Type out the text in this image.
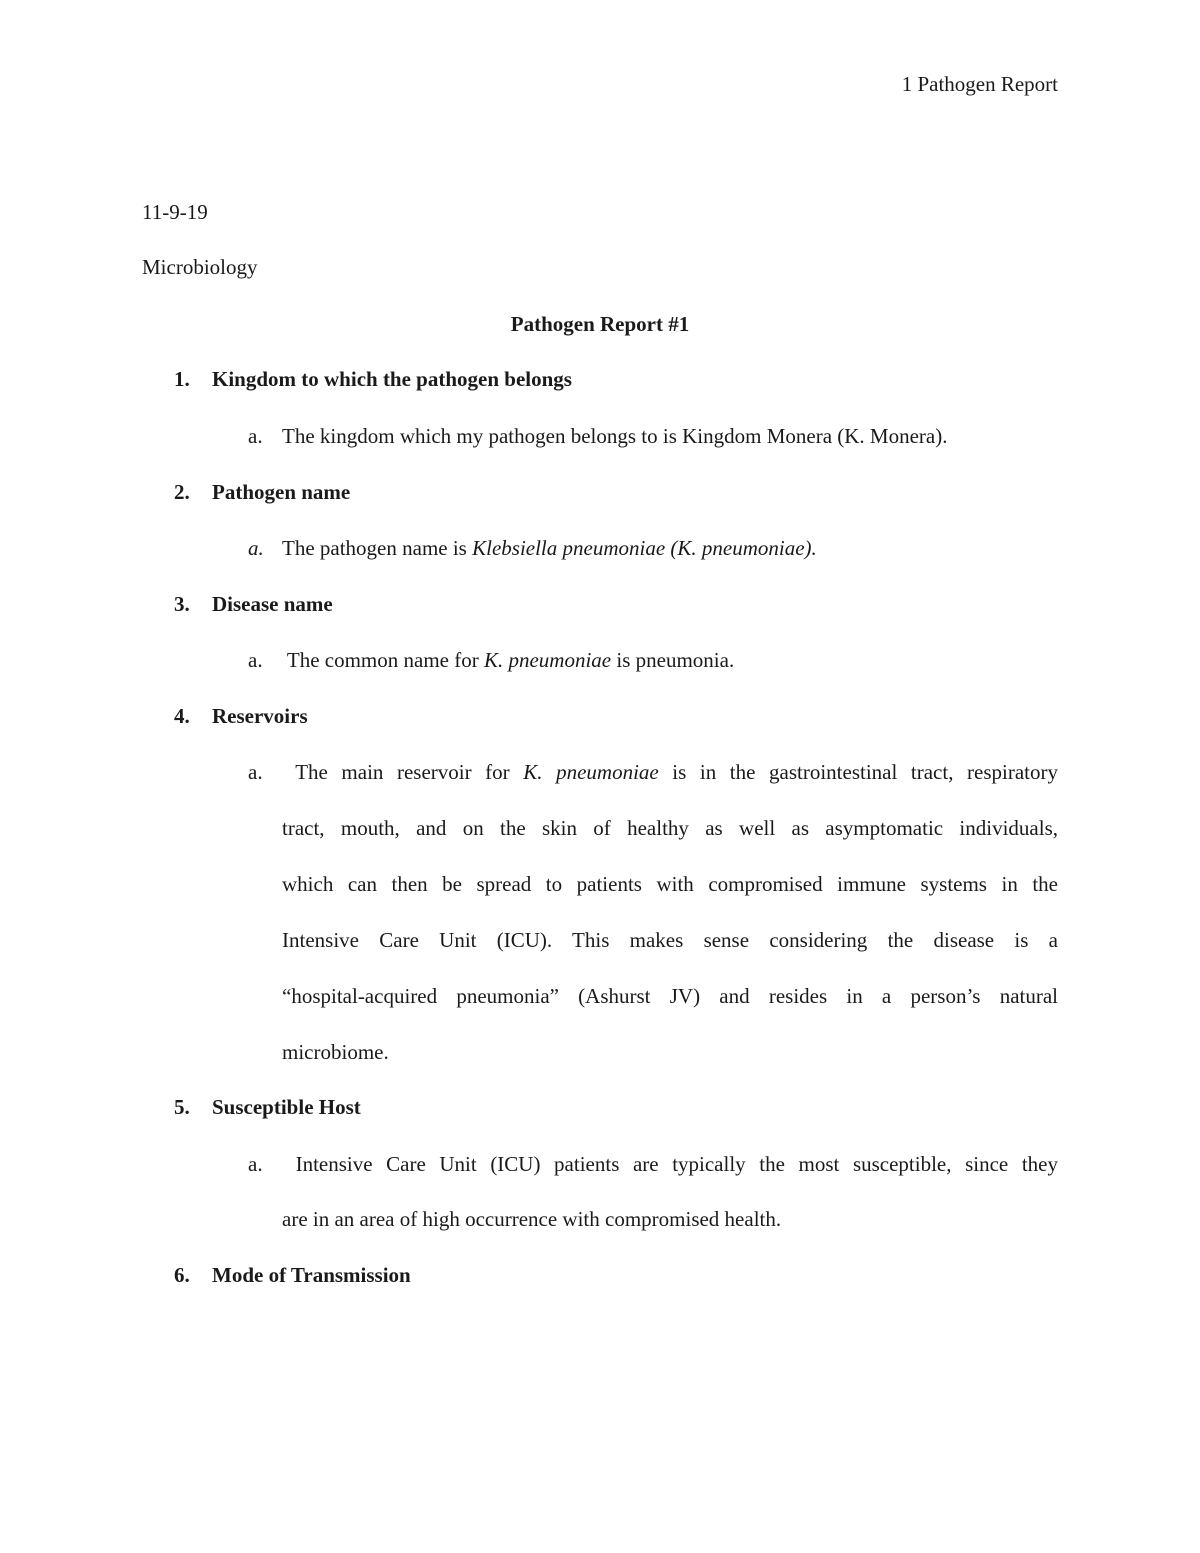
1 Pathogen Report
11-9-19
Microbiology
Pathogen Report #1
1. Kingdom to which the pathogen belongs
a. The kingdom which my pathogen belongs to is Kingdom Monera (K. Monera).
2. Pathogen name
a. The pathogen name is Klebsiella pneumoniae (K. pneumoniae).
3. Disease name
a. The common name for K. pneumoniae is pneumonia.
4. Reservoirs
a. The main reservoir for K. pneumoniae is in the gastrointestinal tract, respiratory
tract, mouth, and on the skin of healthy as well as asymptomatic individuals,
which can then be spread to patients with compromised immune systems in the
Intensive Care Unit (ICU). This makes sense considering the disease is a
“hospital-acquired pneumonia” (Ashurst JV) and resides in a person’s natural
microbiome.
5. Susceptible Host
a. Intensive Care Unit (ICU) patients are typically the most susceptible, since they
are in an area of high occurrence with compromised health.
6. Mode of Transmission
